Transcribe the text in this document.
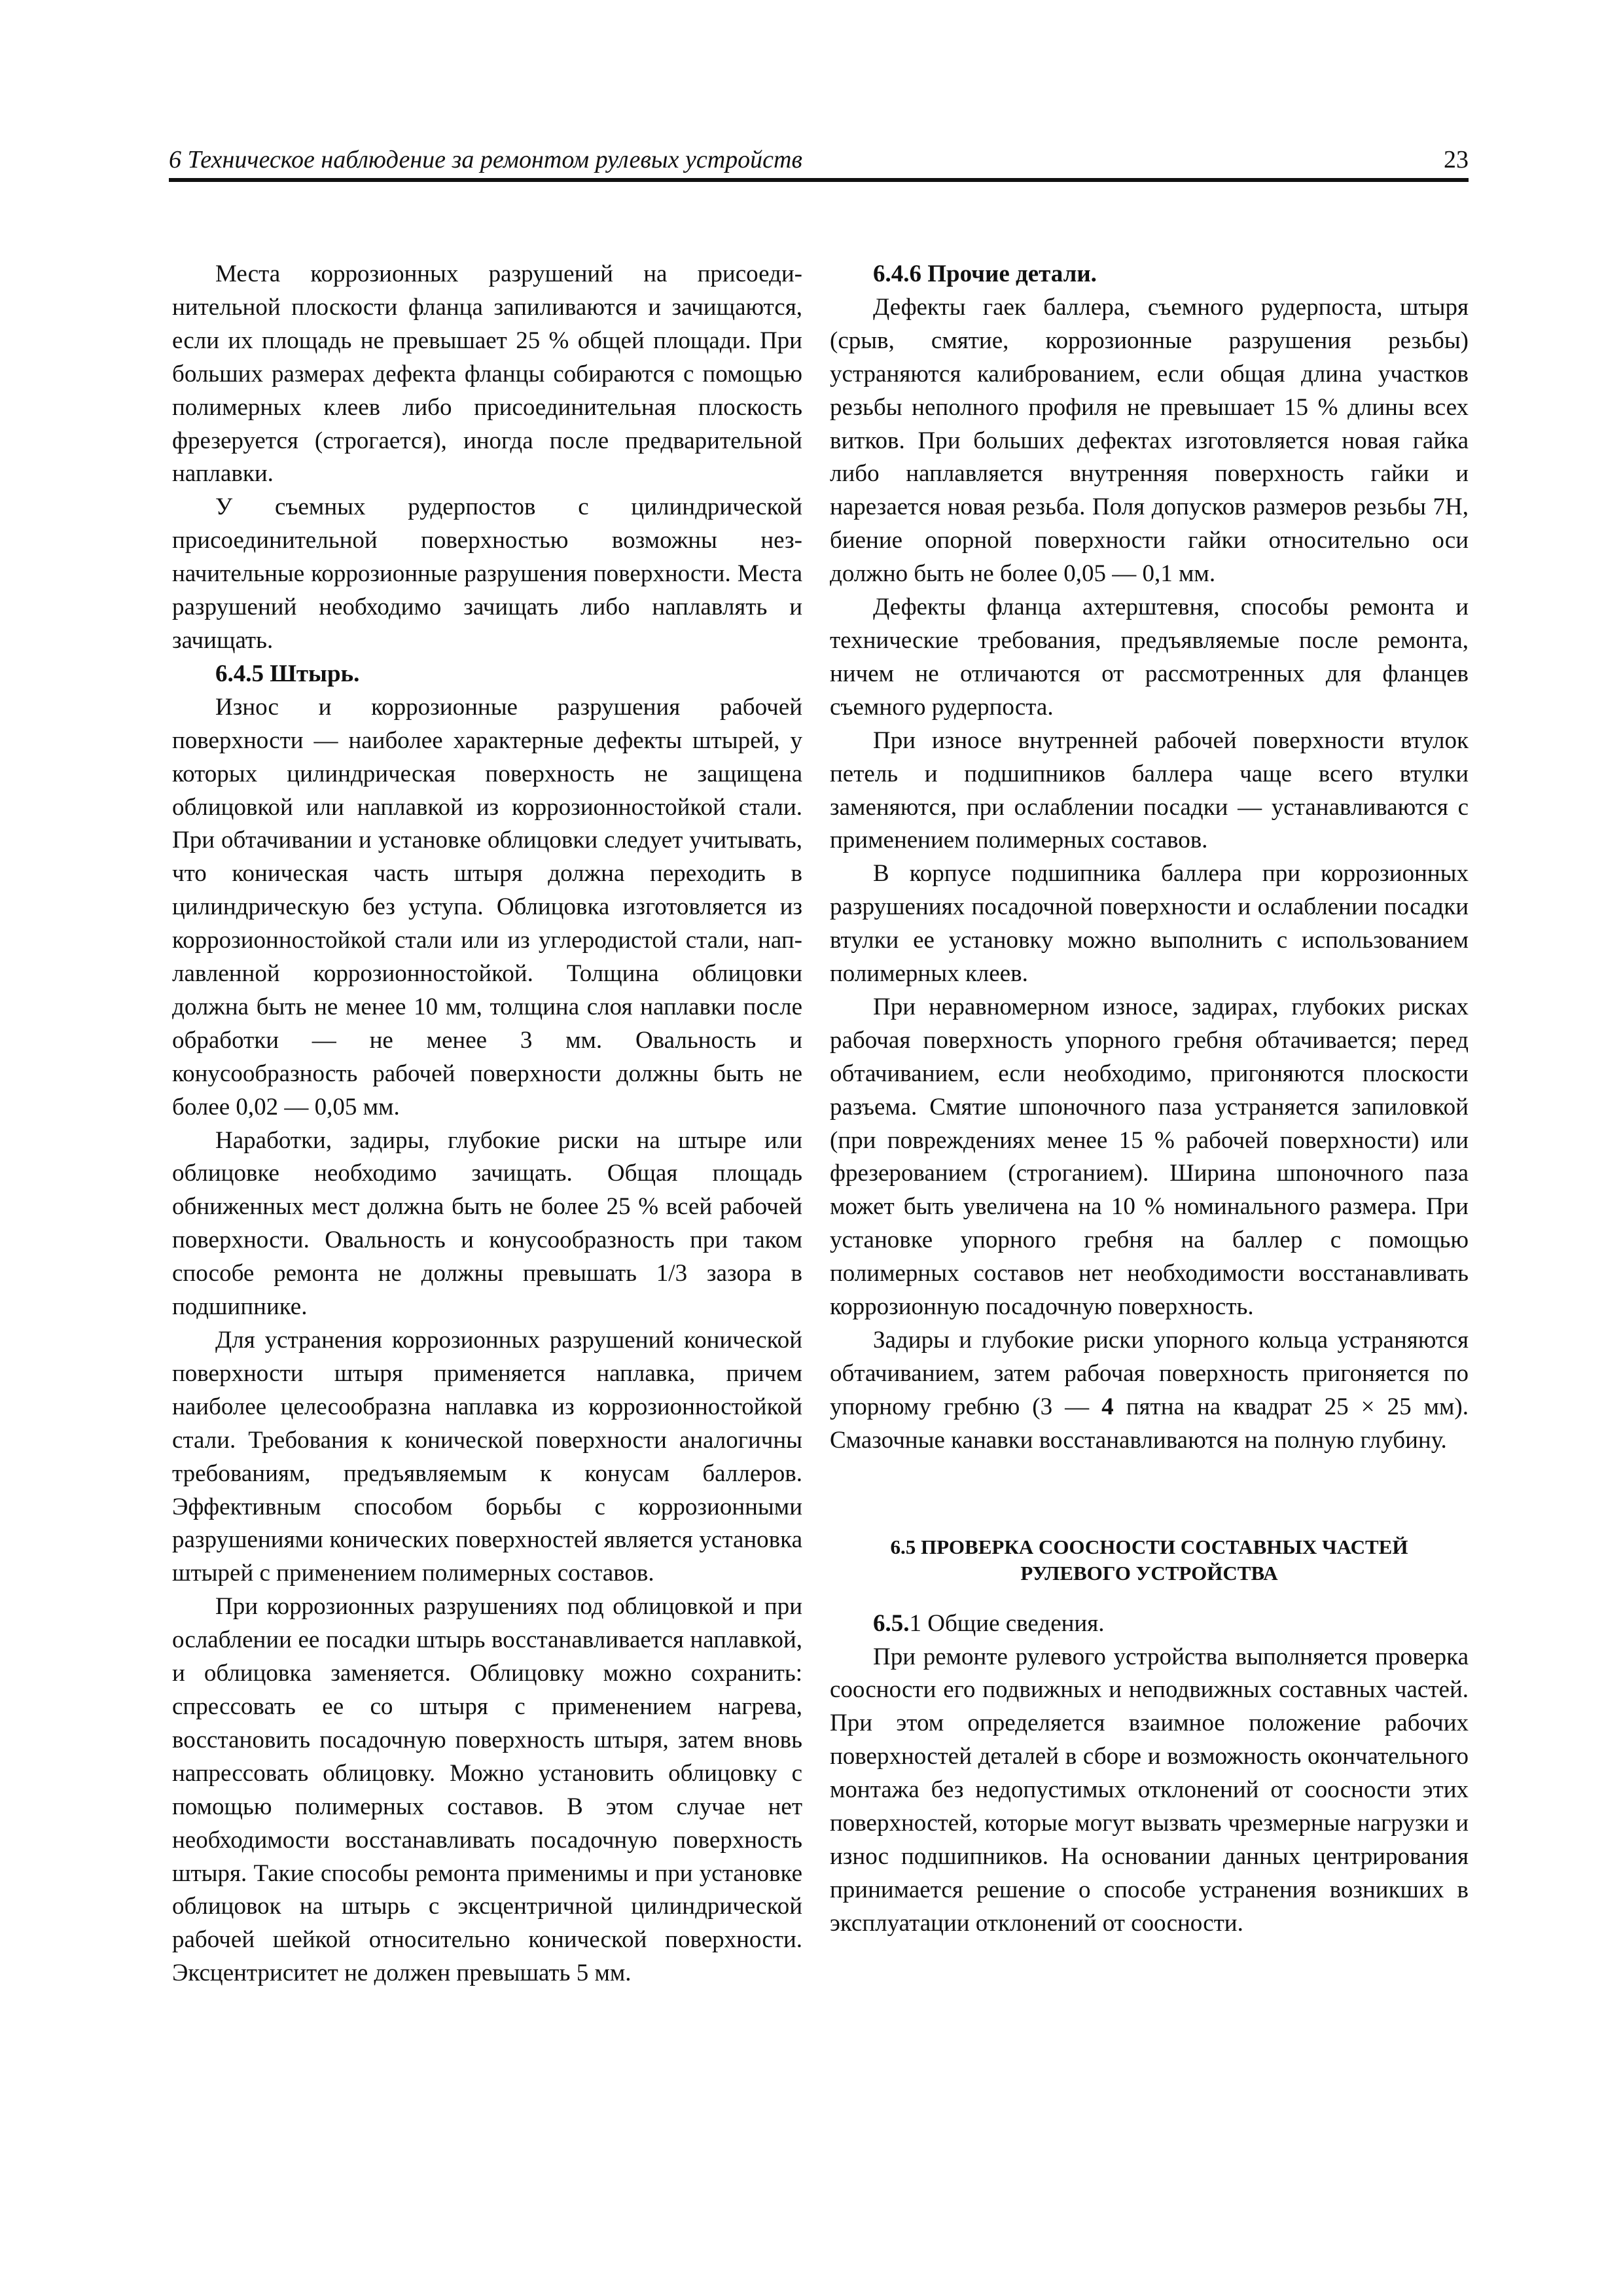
6 Техническое наблюдение за ремонтом рулевых устройств	23

Места коррозионных разрушений на присоединительной плоскости фланца запиливаются и зачищаются, если их площадь не превышает 25 % общей площади. При больших размерах дефекта фланцы собираются с помощью полимерных клеев либо присоединительная плоскость фрезеруется (строгается), иногда после предварительной наплавки.

У съемных рудерпостов с цилиндрической присоединительной поверхностью возможны незначительные коррозионные разрушения поверхности. Места разрушений необходимо зачищать либо наплавлять и зачищать.

6.4.5 Штырь.

Износ и коррозионные разрушения рабочей поверхности — наиболее характерные дефекты штырей, у которых цилиндрическая поверхность не защищена облицовкой или наплавкой из коррозионностойкой стали. При обтачивании и установке облицовки следует учитывать, что коническая часть штыря должна переходить в цилиндрическую без уступа. Облицовка изготовляется из коррозионностойкой стали или из углеродистой стали, наплавленной коррозионностойкой. Толщина облицовки должна быть не менее 10 мм, толщина слоя наплавки после обработки — не менее 3 мм. Овальность и конусообразность рабочей поверхности должны быть не более 0,02 — 0,05 мм.

Наработки, задиры, глубокие риски на штыре или облицовке необходимо зачищать. Общая площадь обниженных мест должна быть не более 25 % всей рабочей поверхности. Овальность и конусообразность при таком способе ремонта не должны превышать 1/3 зазора в подшипнике.

Для устранения коррозионных разрушений конической поверхности штыря применяется наплавка, причем наиболее целесообразна наплавка из коррозионностойкой стали. Требования к конической поверхности аналогичны требованиям, предъявляемым к конусам баллеров. Эффективным способом борьбы с коррозионными разрушениями конических поверхностей является установка штырей с применением полимерных составов.

При коррозионных разрушениях под облицовкой и при ослаблении ее посадки штырь восстанавливается наплавкой, и облицовка заменяется. Облицовку можно сохранить: спрессовать ее со штыря с применением нагрева, восстановить посадочную поверхность штыря, затем вновь напрессовать облицовку. Можно установить облицовку с помощью полимерных составов. В этом случае нет необходимости восстанавливать посадочную поверхность штыря. Такие способы ремонта применимы и при установке облицовок на штырь с эксцентричной цилиндрической рабочей шейкой относительно конической поверхности. Эксцентриситет не должен превышать 5 мм.

6.4.6 Прочие детали.

Дефекты гаек баллера, съемного рудерпоста, штыря (срыв, смятие, коррозионные разрушения резьбы) устраняются калиброванием, если общая длина участков резьбы неполного профиля не превышает 15 % длины всех витков. При больших дефектах изготовляется новая гайка либо наплавляется внутренняя поверхность гайки и нарезается новая резьба. Поля допусков размеров резьбы 7H, биение опорной поверхности гайки относительно оси должно быть не более 0,05 — 0,1 мм.

Дефекты фланца ахтерштевня, способы ремонта и технические требования, предъявляемые после ремонта, ничем не отличаются от рассмотренных для фланцев съемного рудерпоста.

При износе внутренней рабочей поверхности втулок петель и подшипников баллера чаще всего втулки заменяются, при ослаблении посадки — устанавливаются с применением полимерных составов.

В корпусе подшипника баллера при коррозионных разрушениях посадочной поверхности и ослаблении посадки втулки ее установку можно выполнить с использованием полимерных клеев.

При неравномерном износе, задирах, глубоких рисках рабочая поверхность упорного гребня обтачивается; перед обтачиванием, если необходимо, пригоняются плоскости разъема. Смятие шпоночного паза устраняется запиловкой (при повреждениях менее 15 % рабочей поверхности) или фрезерованием (строганием). Ширина шпоночного паза может быть увеличена на 10 % номинального размера. При установке упорного гребня на баллер с помощью полимерных составов нет необходимости восстанавливать коррозионную посадочную поверхность.

Задиры и глубокие риски упорного кольца устраняются обтачиванием, затем рабочая поверхность пригоняется по упорному гребню (3 — 4 пятна на квадрат 25 × 25 мм). Смазочные канавки восстанавливаются на полную глубину.

6.5 ПРОВЕРКА СООСНОСТИ СОСТАВНЫХ ЧАСТЕЙ
РУЛЕВОГО УСТРОЙСТВА

6.5.1 Общие сведения.

При ремонте рулевого устройства выполняется проверка соосности его подвижных и неподвижных составных частей. При этом определяется взаимное положение рабочих поверхностей деталей в сборе и возможность окончательного монтажа без недопустимых отклонений от соосности этих поверхностей, которые могут вызвать чрезмерные нагрузки и износ подшипников. На основании данных центрирования принимается решение о способе устранения возникших в эксплуатации отклонений от соосности.
